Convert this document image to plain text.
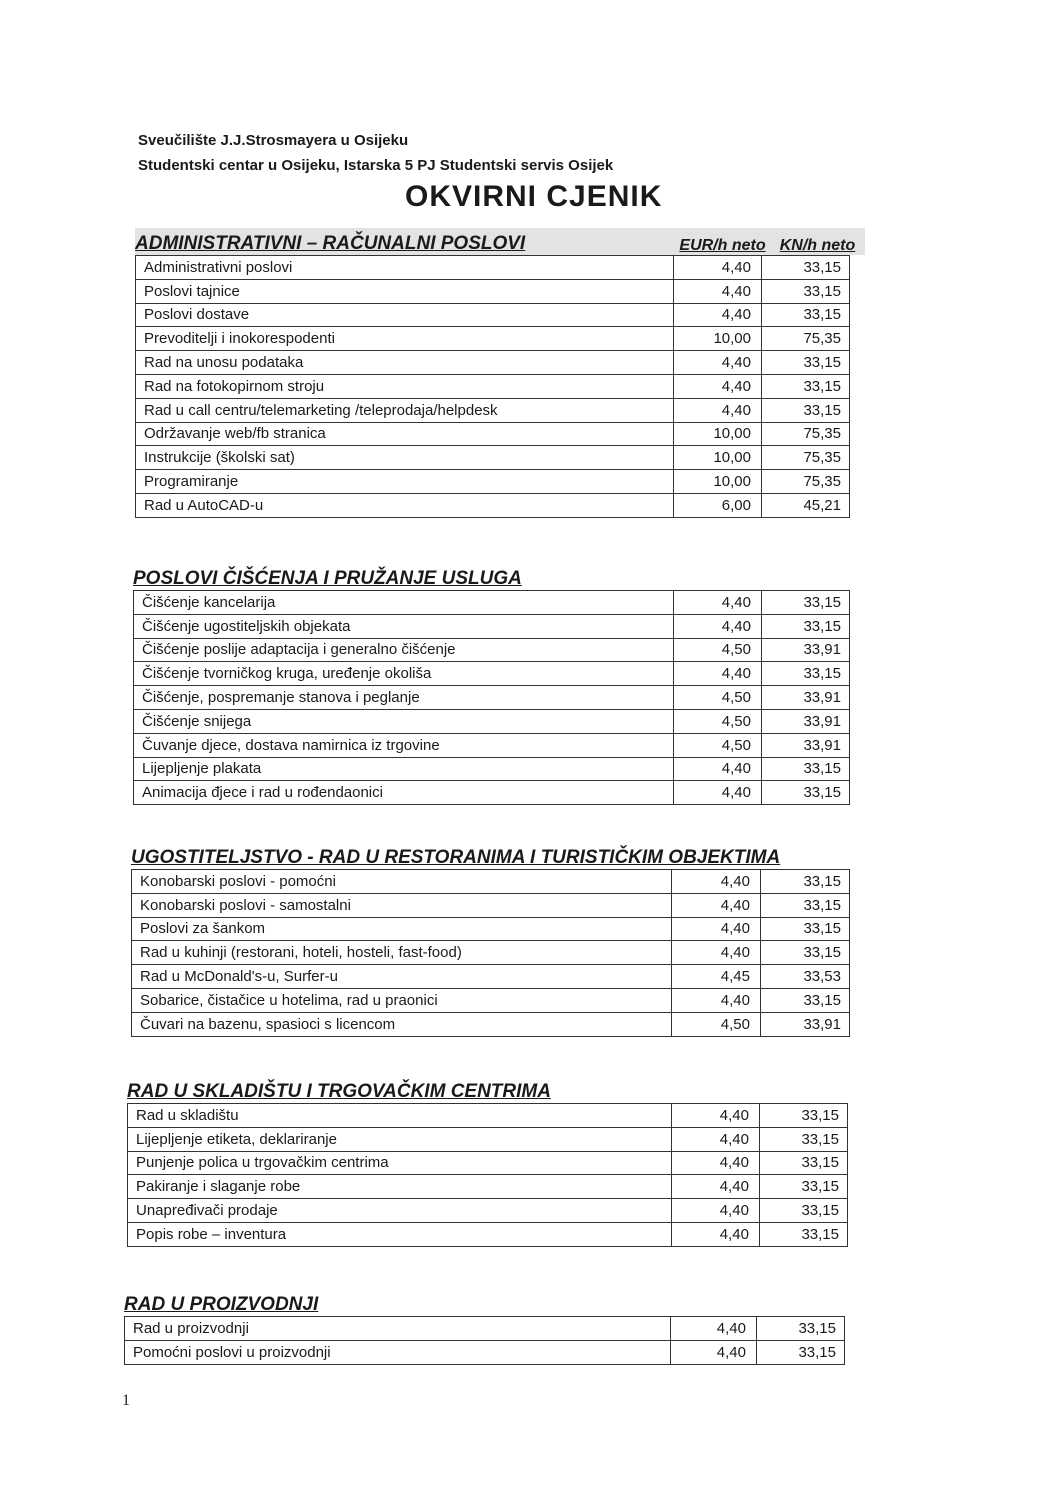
Sveučilište J.J.Strosmayera u Osijeku
Studentski centar u Osijeku, Istarska 5 PJ Studentski servis Osijek
OKVIRNI CJENIK
ADMINISTRATIVNI – RAČUNALNI POSLOVI	EUR/h neto KN/h neto
Administrativni poslovi	4,40	33,15
Poslovi tajnice	4,40	33,15
Poslovi dostave	4,40	33,15
Prevoditelji i inokorespodenti	10,00	75,35
Rad na unosu podataka	4,40	33,15
Rad na fotokopirnom stroju	4,40	33,15
Rad u call centru/telemarketing /teleprodaja/helpdesk	4,40	33,15
Održavanje web/fb stranica	10,00	75,35
Instrukcije (školski sat)	10,00	75,35
Programiranje	10,00	75,35
Rad u AutoCAD-u	6,00	45,21
POSLOVI ČIŠĆENJA I PRUŽANJE USLUGA
Čišćenje kancelarija	4,40	33,15
Čišćenje ugostiteljskih objekata	4,40	33,15
Čišćenje poslije adaptacija i generalno čišćenje	4,50	33,91
Čišćenje tvorničkog kruga, uređenje okoliša	4,40	33,15
Čišćenje, pospremanje stanova i peglanje	4,50	33,91
Čišćenje snijega	4,50	33,91
Čuvanje djece, dostava namirnica iz trgovine	4,50	33,91
Lijepljenje plakata	4,40	33,15
Animacija đjece i rad u rođendaonici	4,40	33,15
UGOSTITELJSTVO - RAD U RESTORANIMA I TURISTIČKIM OBJEKTIMA
Konobarski poslovi - pomoćni	4,40	33,15
Konobarski poslovi - samostalni	4,40	33,15
Poslovi za šankom	4,40	33,15
Rad u kuhinji (restorani, hoteli, hosteli, fast-food)	4,40	33,15
Rad u McDonald's-u, Surfer-u	4,45	33,53
Sobarice, čistačice u hotelima, rad u praonici	4,40	33,15
Čuvari na bazenu, spasioci s licencom	4,50	33,91
RAD U SKLADIŠTU I TRGOVAČKIM CENTRIMA
Rad u skladištu	4,40	33,15
Lijepljenje etiketa, deklariranje	4,40	33,15
Punjenje polica u trgovačkim centrima	4,40	33,15
Pakiranje i slaganje robe	4,40	33,15
Unapređivači prodaje	4,40	33,15
Popis robe – inventura	4,40	33,15
RAD U PROIZVODNJI
Rad u proizvodnji	4,40	33,15
Pomoćni poslovi u proizvodnji	4,40	33,15
1
